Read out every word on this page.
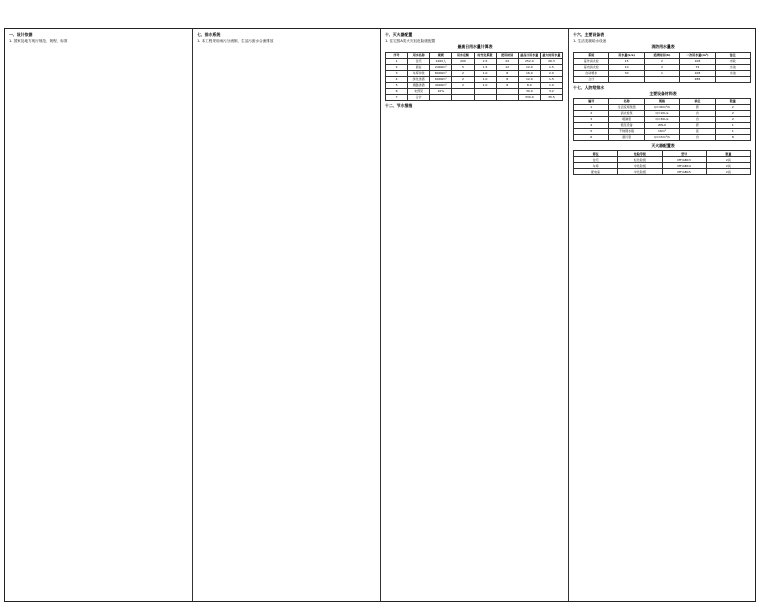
一、设计依据
1. 国家及地方现行规范、规程、标准
七、排水系统
1. 本工程采用雨污分流制，生活污废水合流排放
十、灭火器配置
1. 住宅按A类火灾轻危险级配置
最高日用水量计算表
序号	用水名称	规模	用水定额	时变化系数	使用时间	最高日用水量	最大时用水量
1	住宅	1260人	200	2.5	24	252.0	26.3
2	商业	2400m²	5	1.5	12	12.0	1.5
3	车库冲洗	8000m²	2	1.0	8	16.0	2.0
4	绿化浇洒	6000m²	2	1.0	8	12.0	1.5
5	道路浇洒	4000m²	2	1.0	8	8.0	1.0
6	未预见	10%				30.0	3.2
7	合计					330.0	35.5
十二、节水措施
十六、主要设备表
1. 生活变频给水设备
消防用水量表
系统	用水量(L/s)	延续时间(h)	一次用水量(m³)	备注
室外消火栓	15	2	108	市政
室内消火栓	10	2	72	水池
自动喷水	30	1	108	水池
合计			288	
十七、人防给排水
主要设备材料表
编号	名称	规格	单位	数量
1	生活变频泵组	Q=36m³/h	套	2
2	消火栓泵	Q=10L/s	台	2
3	喷淋泵	Q=30L/s	台	2
4	稳压设备	ZW-II	套	1
5	不锈钢水箱	18m³	座	1
6	潜污泵	Q=15m³/h	台	8
灭火器配置表
部位	危险等级	型号	数量
住宅	轻危险级	MF/ABC3	2具
车库	中危险级	MF/ABC4	2具
配电室	中危险级	MF/ABC5	2具
